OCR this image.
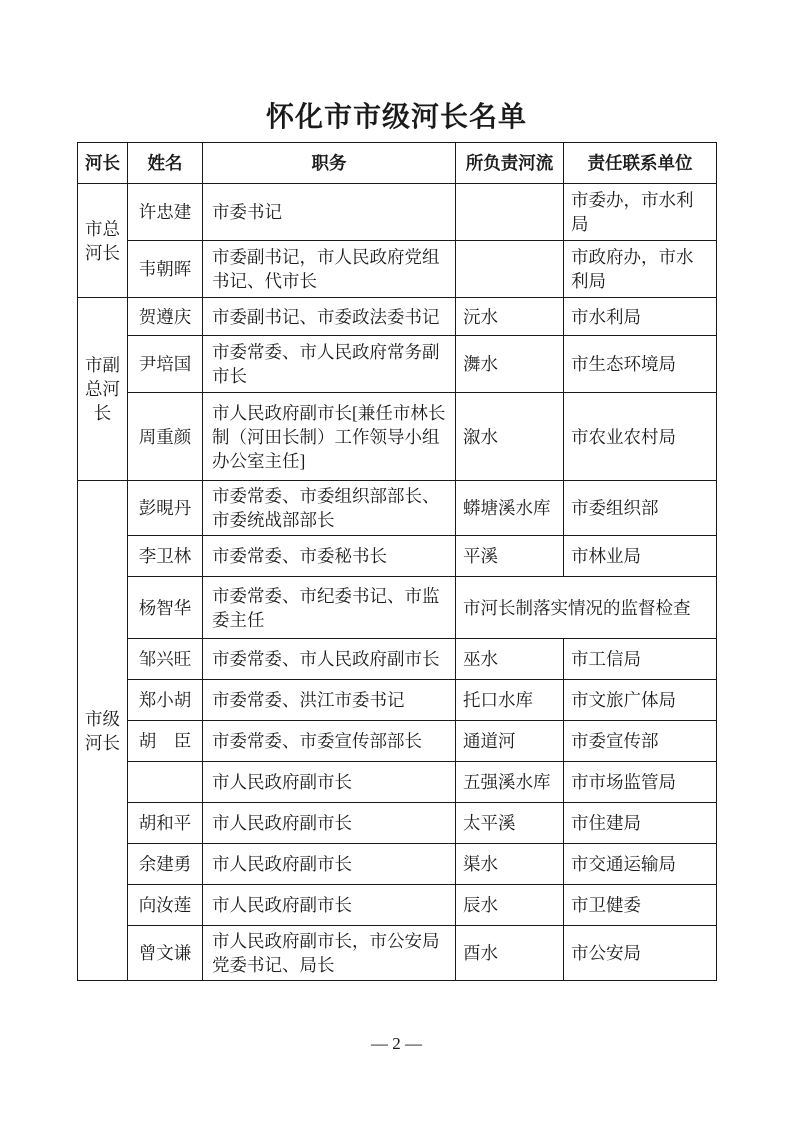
怀化市市级河长名单
河长	姓名	职务	所负责河流	责任联系单位
市总河长	许忠建	市委书记		市委办，市水利局
	韦朝晖	市委副书记，市人民政府党组书记、代市长		市政府办，市水利局
市副总河长	贺遵庆	市委副书记、市委政法委书记	沅水	市水利局
	尹培国	市委常委、市人民政府常务副市长	㵲水	市生态环境局
	周重颜	市人民政府副市长[兼任市林长制（河田长制）工作领导小组办公室主任]	溆水	市农业农村局
市级河长	彭晛丹	市委常委、市委组织部部长、市委统战部部长	蟒塘溪水库	市委组织部
	李卫林	市委常委、市委秘书长	平溪	市林业局
	杨智华	市委常委、市纪委书记、市监委主任	市河长制落实情况的监督检查	
	邹兴旺	市委常委、市人民政府副市长	巫水	市工信局
	郑小胡	市委常委、洪江市委书记	托口水库	市文旅广体局
	胡　臣	市委常委、市委宣传部部长	通道河	市委宣传部
		市人民政府副市长	五强溪水库	市市场监管局
	胡和平	市人民政府副市长	太平溪	市住建局
	余建勇	市人民政府副市长	渠水	市交通运输局
	向汝莲	市人民政府副市长	辰水	市卫健委
	曾文谦	市人民政府副市长，市公安局党委书记、局长	酉水	市公安局
— 2 —
